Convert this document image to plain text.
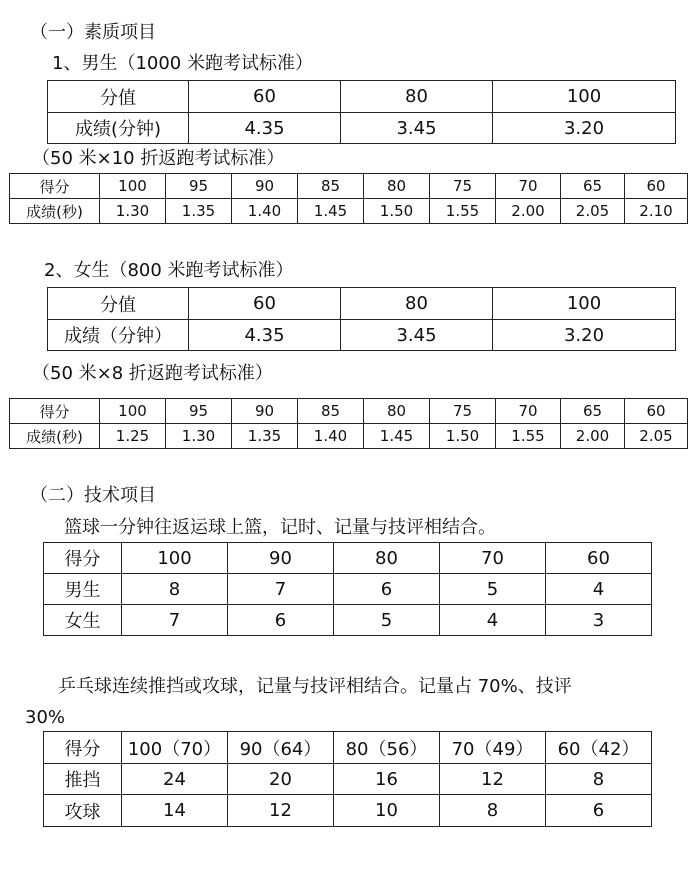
（一）素质项目
1、男生（1000 米跑考试标准）
分值	60	80	100
成绩(分钟)	4.35	3.45	3.20
（50 米×10 折返跑考试标准）
得分	100	95	90	85	80	75	70	65	60
成绩(秒)	1.30	1.35	1.40	1.45	1.50	1.55	2.00	2.05	2.10
2、女生（800 米跑考试标准）
分值	60	80	100
成绩（分钟）	4.35	3.45	3.20
（50 米×8 折返跑考试标准）
得分	100	95	90	85	80	75	70	65	60
成绩(秒)	1.25	1.30	1.35	1.40	1.45	1.50	1.55	2.00	2.05
（二）技术项目
篮球一分钟往返运球上篮，记时、记量与技评相结合。
得分	100	90	80	70	60
男生	8	7	6	5	4
女生	7	6	5	4	3
乒乓球连续推挡或攻球，记量与技评相结合。记量占 70%、技评
30%
得分	100（70）	90（64）	80（56）	70（49）	60（42）
推挡	24	20	16	12	8
攻球	14	12	10	8	6
